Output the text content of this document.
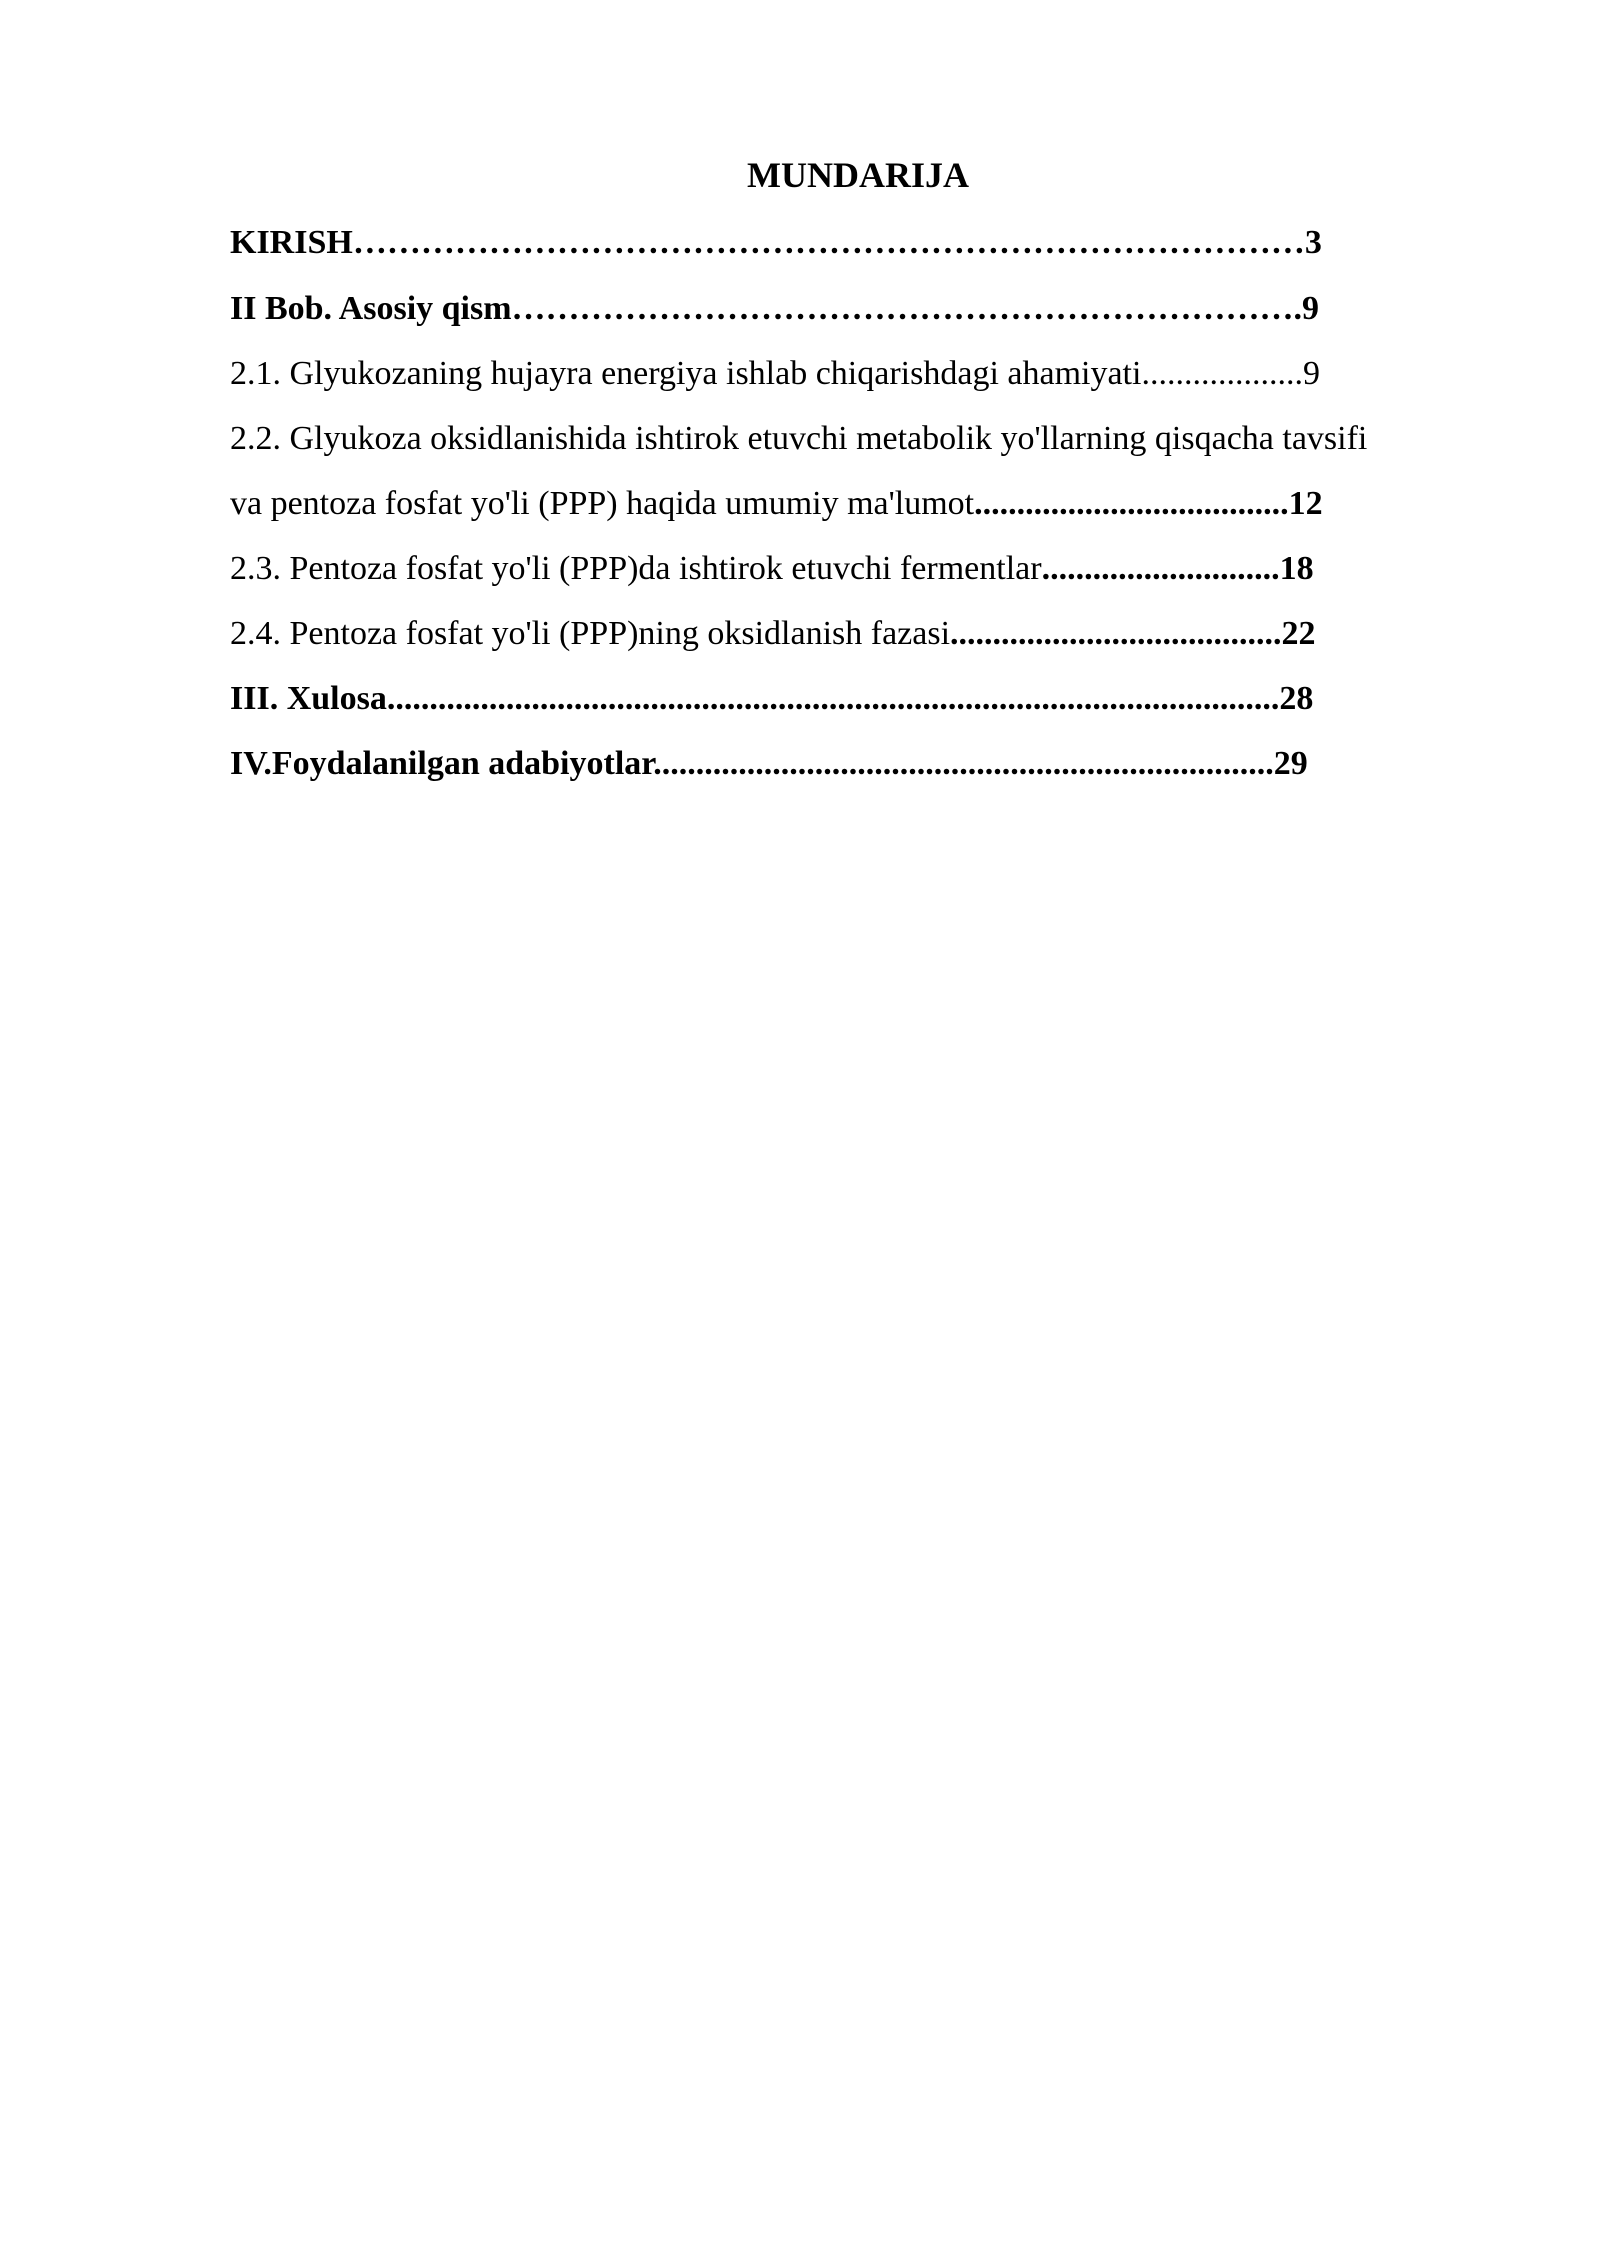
MUNDARIJA
KIRISH…………………………………………………………………………3
II Bob. Asosiy qism…………………………………………………………….9
2.1. Glyukozaning hujayra energiya ishlab chiqarishdagi ahamiyati...................9
2.2. Glyukoza oksidlanishida ishtirok etuvchi metabolik yo'llarning qisqacha tavsifi
va pentoza fosfat yo'li (PPP) haqida umumiy ma'lumot.....................................12
2.3. Pentoza fosfat yo'li (PPP)da ishtirok etuvchi fermentlar............................18
2.4. Pentoza fosfat yo'li (PPP)ning oksidlanish fazasi.......................................22
III. Xulosa.........................................................................................................28
IV.Foydalanilgan adabiyotlar.........................................................................29
